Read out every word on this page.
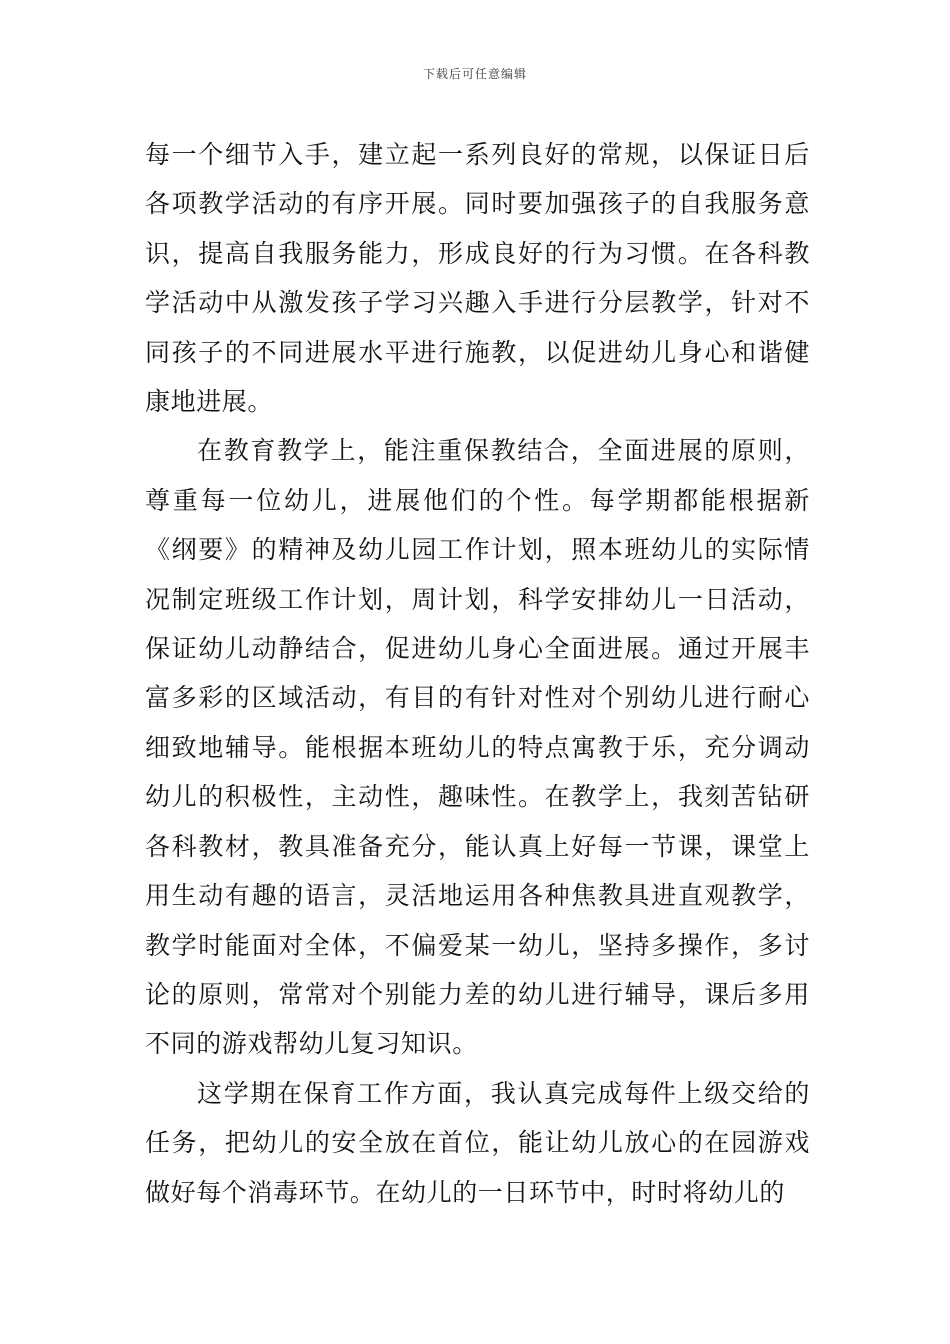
下载后可任意编辑

每一个细节入手，建立起一系列良好的常规，以保证日后各项教学活动的有序开展。同时要加强孩子的自我服务意识，提高自我服务能力，形成良好的行为习惯。在各科教学活动中从激发孩子学习兴趣入手进行分层教学，针对不同孩子的不同进展水平进行施教，以促进幼儿身心和谐健康地进展。

在教育教学上，能注重保教结合，全面进展的原则，尊重每一位幼儿，进展他们的个性。每学期都能根据新《纲要》的精神及幼儿园工作计划，照本班幼儿的实际情况制定班级工作计划，周计划，科学安排幼儿一日活动，保证幼儿动静结合，促进幼儿身心全面进展。通过开展丰富多彩的区域活动，有目的有针对性对个别幼儿进行耐心细致地辅导。能根据本班幼儿的特点寓教于乐，充分调动幼儿的积极性，主动性，趣味性。在教学上，我刻苦钻研各科教材，教具准备充分，能认真上好每一节课，课堂上用生动有趣的语言，灵活地运用各种焦教具进直观教学，教学时能面对全体，不偏爱某一幼儿，坚持多操作，多讨论的原则，常常对个别能力差的幼儿进行辅导，课后多用不同的游戏帮幼儿复习知识。

这学期在保育工作方面，我认真完成每件上级交给的任务，把幼儿的安全放在首位，能让幼儿放心的在园游戏做好每个消毒环节。在幼儿的一日环节中，时时将幼儿的
